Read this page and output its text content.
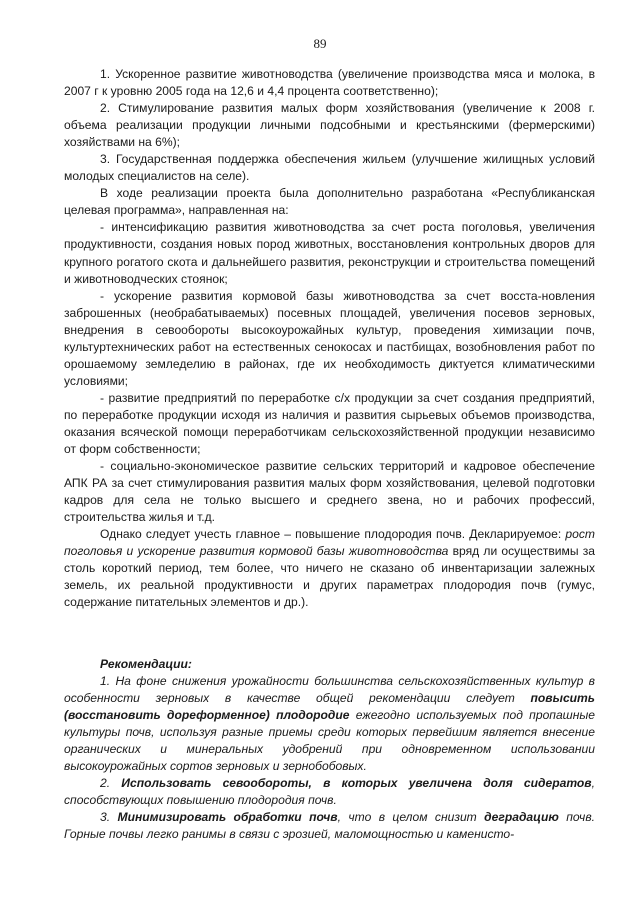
89

1. Ускоренное развитие животноводства (увеличение производства мяса и молока, в 2007 г к уровню 2005 года на 12,6 и 4,4 процента соответственно);

2. Стимулирование развития малых форм хозяйствования (увеличение к 2008 г. объема реализации продукции личными подсобными и крестьянскими (фермерскими) хозяйствами на 6%);

3. Государственная поддержка обеспечения жильем (улучшение жилищных условий молодых специалистов на селе).

В ходе реализации проекта была дополнительно разработана «Республиканская целевая программа», направленная на:

- интенсификацию развития животноводства за счет роста поголовья, увеличения продуктивности, создания новых пород животных, восстановления контрольных дворов для крупного рогатого скота и дальнейшего развития, реконструкции и строительства помещений и животноводческих стоянок;

- ускорение развития кормовой базы животноводства за счет восста-новления заброшенных (необрабатываемых) посевных площадей, увеличения посевов зерновых, внедрения в севообороты высокоурожайных культур, проведения химизации почв, культуртехнических работ на естественных сенокосах и пастбищах, возобновления работ по орошаемому земледелию в районах, где их необходимость диктуется климатическими условиями;

- развитие предприятий по переработке с/х продукции за счет создания предприятий, по переработке продукции исходя из наличия и развития сырьевых объемов производства, оказания всяческой помощи переработчикам сельскохозяйственной продукции независимо от форм собственности;

- социально-экономическое развитие сельских территорий и кадровое обеспечение АПК РА за счет стимулирования развития малых форм хозяйствования, целевой подготовки кадров для села не только высшего и среднего звена, но и рабочих профессий, строительства жилья и т.д.

Однако следует учесть главное – повышение плодородия почв. Декларируемое: рост поголовья и ускорение развития кормовой базы животноводства вряд ли осуществимы за столь короткий период, тем более, что ничего не сказано об инвентаризации залежных земель, их реальной продуктивности и других параметрах плодородия почв (гумус, содержание питательных элементов и др.).

Рекомендации:

1. На фоне снижения урожайности большинства сельскохозяйственных культур в особенности зерновых в качестве общей рекомендации следует повысить (восстановить дореформенное) плодородие ежегодно используемых под пропашные культуры почв, используя разные приемы среди которых первейшим является внесение органических и минеральных удобрений при одновременном использовании высокоурожайных сортов зерновых и зернобобовых.

2. Использовать севообороты, в которых увеличена доля сидератов, способствующих повышению плодородия почв.

3. Минимизировать обработки почв, что в целом снизит деградацию почв. Горные почвы легко ранимы в связи с эрозией, маломощностью и каменисто-
